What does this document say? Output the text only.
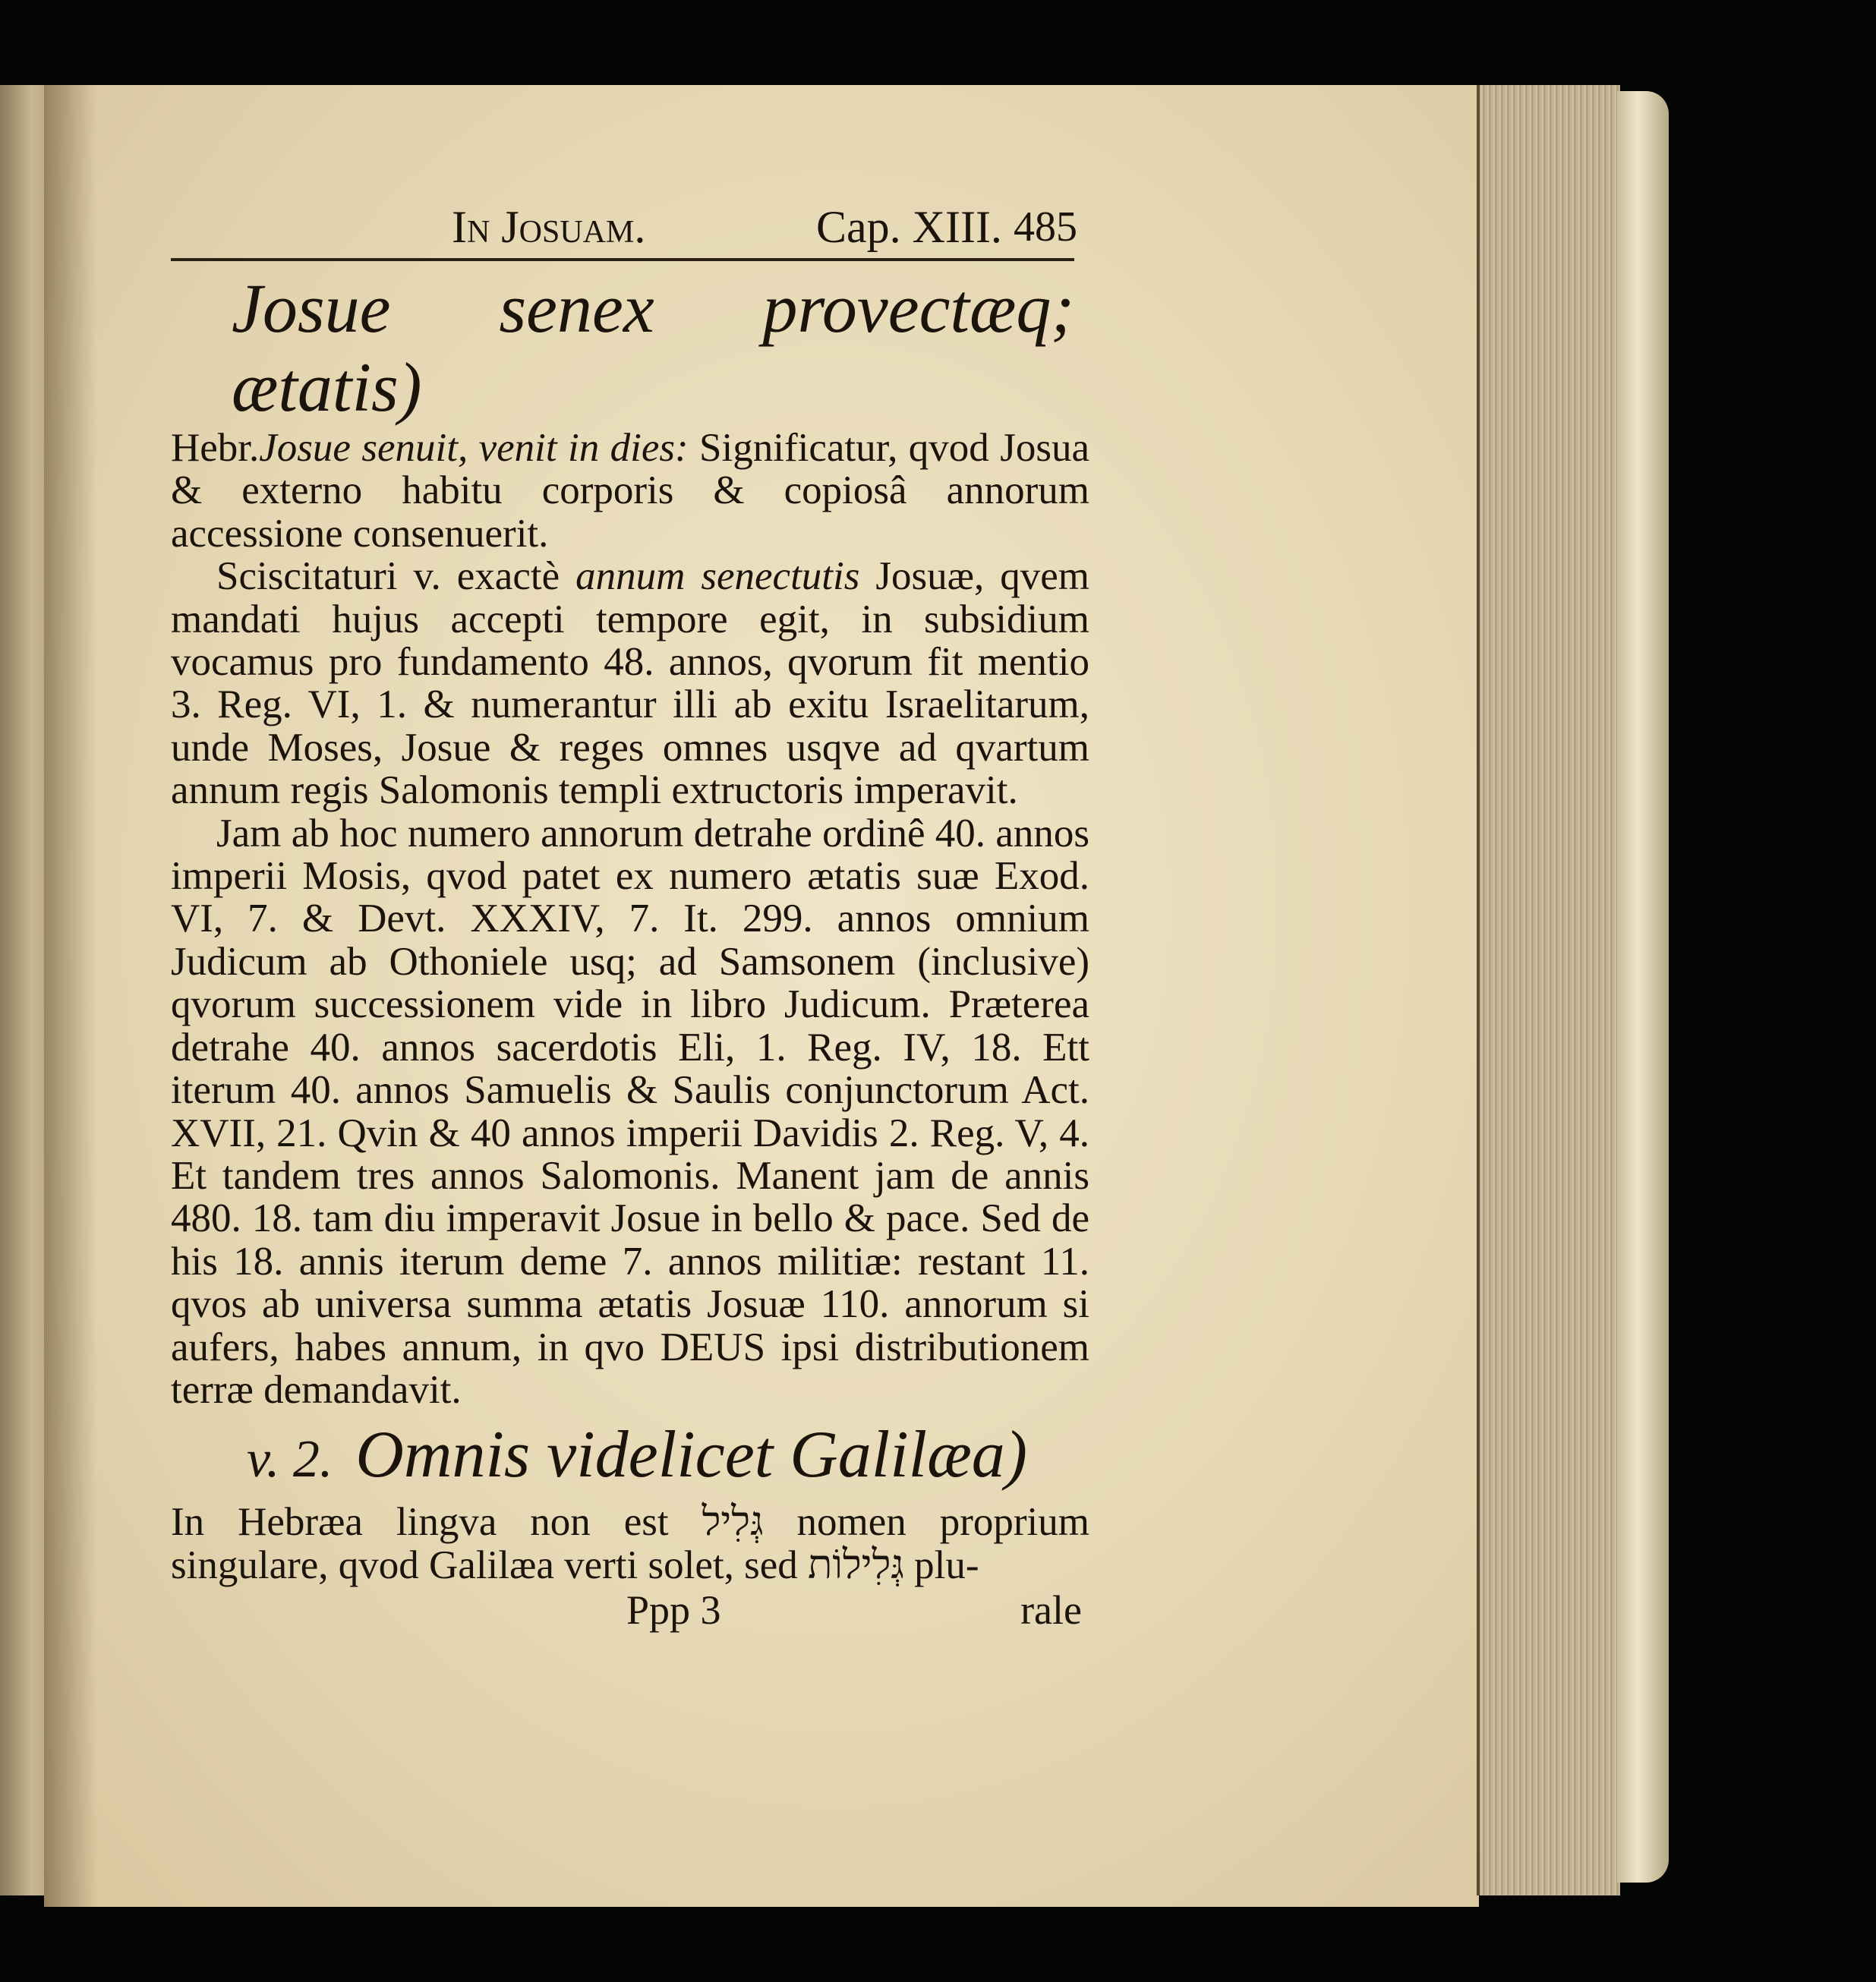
In Josuam.	Cap. XIII. 485
Josue senex provectæq; ætatis)
Hebr.Josue senuit, venit in dies: Significatur, qvod Josua & externo habitu corporis & copiosâ annorum accessione consenuerit.
Sciscitaturi v. exactè annum senectutis Josuæ, qvem mandati hujus accepti tempore egit, in subsidium vocamus pro fundamento 48. annos, qvorum fit mentio 3. Reg. VI, 1. & numerantur illi ab exitu Israelitarum, unde Moses, Josue & reges omnes usqve ad qvartum annum regis Salomonis templi extructoris imperavit.
Jam ab hoc numero annorum detrahe ordinê 40. annos imperii Mosis, qvod patet ex numero ætatis suæ Exod. VI, 7. & Devt. XXXIV, 7. It. 299. annos omnium Judicum ab Othoniele usq; ad Samsonem (inclusive) qvorum successionem vide in libro Judicum. Præterea detrahe 40. annos sacerdotis Eli, 1. Reg. IV, 18. Ett iterum 40. annos Samuelis & Saulis conjunctorum Act. XVII, 21. Qvin & 40 annos imperii Davidis 2. Reg. V, 4. Et tandem tres annos Salomonis. Manent jam de annis 480. 18. tam diu imperavit Josue in bello & pace. Sed de his 18. annis iterum deme 7. annos militiæ: restant 11. qvos ab universa summa ætatis Josuæ 110. annorum si aufers, habes annum, in qvo DEUS ipsi distributionem terræ demandavit.
v. 2. Omnis videlicet Galilæa)
In Hebræa lingva non est גְּלִיל nomen proprium singulare, qvod Galilæa verti solet, sed גְּלִילוֹת plu-
Ppp 3	rale
